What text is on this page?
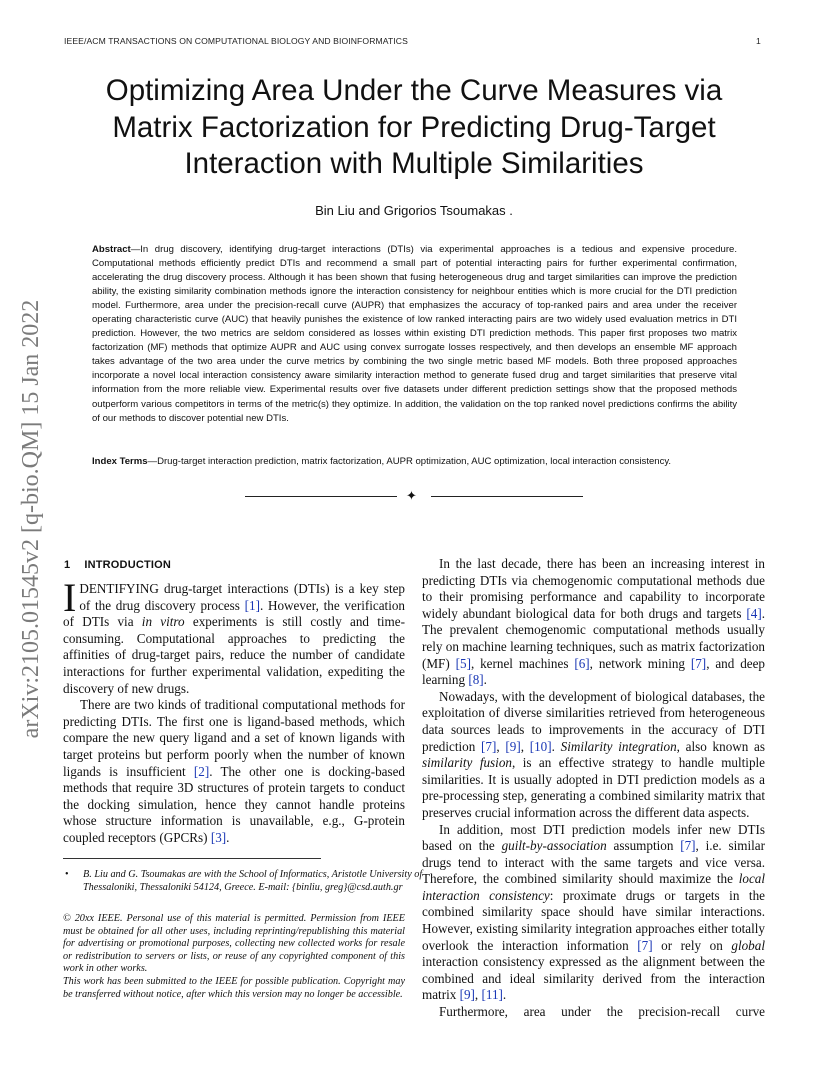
IEEE/ACM TRANSACTIONS ON COMPUTATIONAL BIOLOGY AND BIOINFORMATICS	1
Optimizing Area Under the Curve Measures via
Matrix Factorization for Predicting Drug-Target
Interaction with Multiple Similarities
Bin Liu and Grigorios Tsoumakas .

Abstract—In drug discovery, identifying drug-target interactions (DTIs) via experimental approaches is a tedious and expensive procedure. Computational methods efficiently predict DTIs and recommend a small part of potential interacting pairs for further experimental confirmation, accelerating the drug discovery process. Although it has been shown that fusing heterogeneous drug and target similarities can improve the prediction ability, the existing similarity combination methods ignore the interaction consistency for neighbour entities which is more crucial for the DTI prediction model. Furthermore, area under the precision-recall curve (AUPR) that emphasizes the accuracy of top-ranked pairs and area under the receiver operating characteristic curve (AUC) that heavily punishes the existence of low ranked interacting pairs are two widely used evaluation metrics in DTI prediction. However, the two metrics are seldom considered as losses within existing DTI prediction methods. This paper first proposes two matrix factorization (MF) methods that optimize AUPR and AUC using convex surrogate losses respectively, and then develops an ensemble MF approach takes advantage of the two area under the curve metrics by combining the two single metric based MF models. Both three proposed approaches incorporate a novel local interaction consistency aware similarity interaction method to generate fused drug and target similarities that preserve vital information from the more reliable view. Experimental results over five datasets under different prediction settings show that the proposed methods outperform various competitors in terms of the metric(s) they optimize. In addition, the validation on the top ranked novel predictions confirms the ability of our methods to discover potential new DTIs.

Index Terms—Drug-target interaction prediction, matrix factorization, AUPR optimization, AUC optimization, local interaction consistency.

✦
arXiv:2105.01545v2 [q-bio.QM] 15 Jan 2022	1 INTRODUCTION

IDENTIFYING drug-target interactions (DTIs) is a key step of the drug discovery process [1]. However, the verification of DTIs via in vitro experiments is still costly and time-consuming. Computational approaches to predicting the affinities of drug-target pairs, reduce the number of candidate interactions for further experimental validation, expediting the discovery of new drugs.

There are two kinds of traditional computational methods for predicting DTIs. The first one is ligand-based methods, which compare the new query ligand and a set of known ligands with target proteins but perform poorly when the number of known ligands is insufficient [2]. The other one is docking-based methods that require 3D structures of protein targets to conduct the docking simulation, hence they cannot handle proteins whose structure information is unavailable, e.g., G-protein coupled receptors (GPCRs) [3].

• B. Liu and G. Tsoumakas are with the School of Informatics, Aristotle University of Thessaloniki, Thessaloniki 54124, Greece. E-mail: {binliu, greg}@csd.auth.gr

© 20xx IEEE. Personal use of this material is permitted. Permission from IEEE must be obtained for all other uses, including reprinting/republishing this material for advertising or promotional purposes, collecting new collected works for resale or redistribution to servers or lists, or reuse of any copyrighted component of this work in other works.
This work has been submitted to the IEEE for possible publication. Copyright may be transferred without notice, after which this version may no longer be accessible.

In the last decade, there has been an increasing interest in predicting DTIs via chemogenomic computational methods due to their promising performance and capability to incorporate widely abundant biological data for both drugs and targets [4]. The prevalent chemogenomic computational methods usually rely on machine learning techniques, such as matrix factorization (MF) [5], kernel machines [6], network mining [7], and deep learning [8].

Nowadays, with the development of biological databases, the exploitation of diverse similarities retrieved from heterogeneous data sources leads to improvements in the accuracy of DTI prediction [7], [9], [10]. Similarity integration, also known as similarity fusion, is an effective strategy to handle multiple similarities. It is usually adopted in DTI prediction models as a pre-processing step, generating a combined similarity matrix that preserves crucial information across the different data aspects.

In addition, most DTI prediction models infer new DTIs based on the guilt-by-association assumption [7], i.e. similar drugs tend to interact with the same targets and vice versa. Therefore, the combined similarity should maximize the local interaction consistency: proximate drugs or targets in the combined similarity space should have similar interactions. However, existing similarity integration approaches either totally overlook the interaction information [7] or rely on global interaction consistency expressed as the alignment between the combined and ideal similarity derived from the interaction matrix [9], [11].

Furthermore, area under the precision-recall curve
